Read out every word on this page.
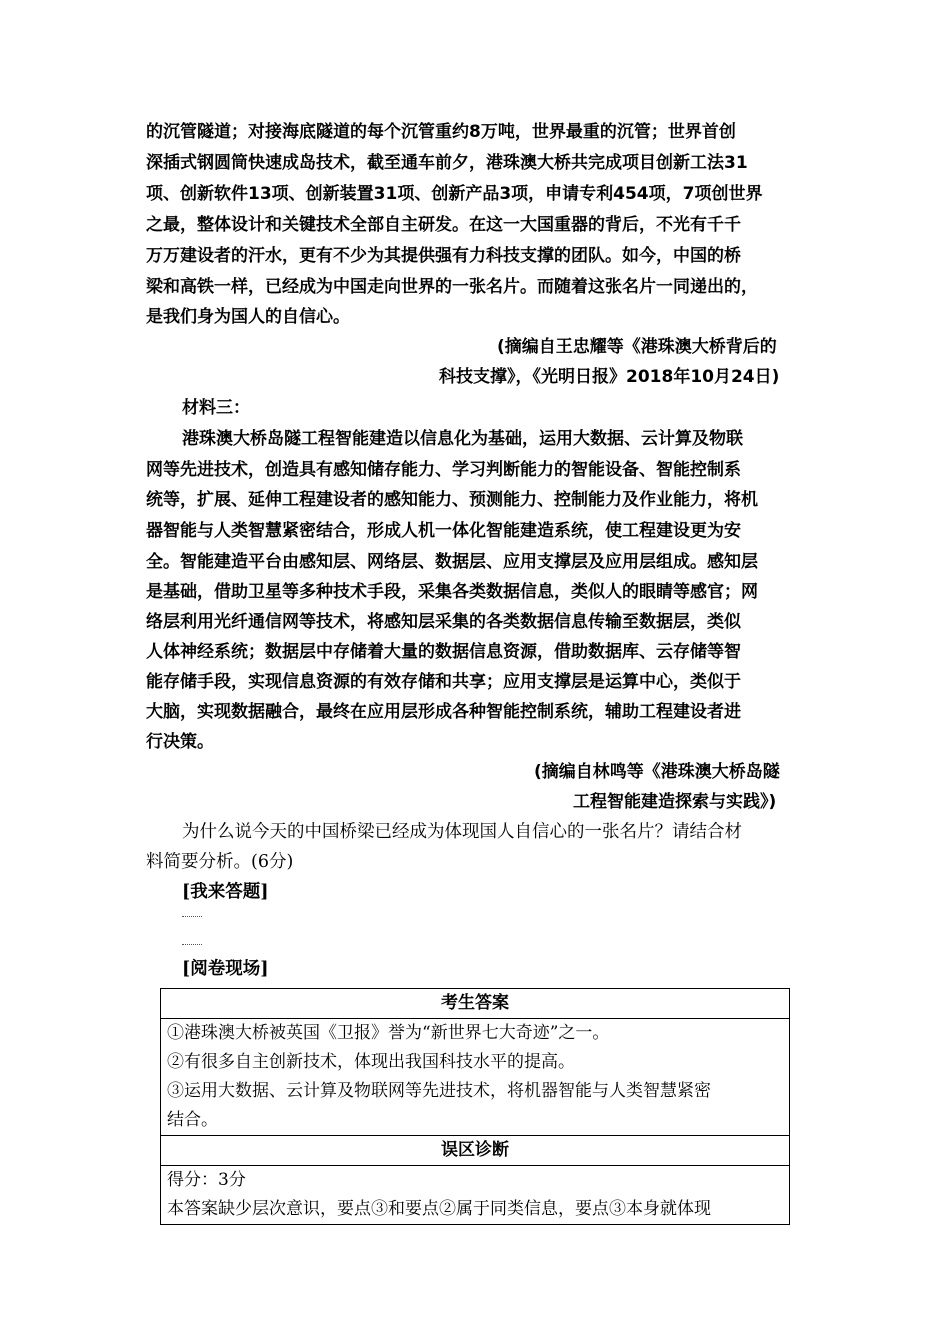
的沉管隧道；对接海底隧道的每个沉管重约8万吨，世界最重的沉管；世界首创
深插式钢圆筒快速成岛技术，截至通车前夕，港珠澳大桥共完成项目创新工法31
项、创新软件13项、创新装置31项、创新产品3项，申请专利454项，7项创世界
之最，整体设计和关键技术全部自主研发。在这一大国重器的背后，不光有千千
万万建设者的汗水，更有不少为其提供强有力科技支撑的团队。如今，中国的桥
梁和高铁一样，已经成为中国走向世界的一张名片。而随着这张名片一同递出的，
是我们身为国人的自信心。
(摘编自王忠耀等《港珠澳大桥背后的
科技支撑》，《光明日报》2018年10月24日)
材料三：
港珠澳大桥岛隧工程智能建造以信息化为基础，运用大数据、云计算及物联
网等先进技术，创造具有感知储存能力、学习判断能力的智能设备、智能控制系
统等，扩展、延伸工程建设者的感知能力、预测能力、控制能力及作业能力，将机
器智能与人类智慧紧密结合，形成人机一体化智能建造系统，使工程建设更为安
全。智能建造平台由感知层、网络层、数据层、应用支撑层及应用层组成。感知层
是基础，借助卫星等多种技术手段，采集各类数据信息，类似人的眼睛等感官；网
络层利用光纤通信网等技术，将感知层采集的各类数据信息传输至数据层，类似
人体神经系统；数据层中存储着大量的数据信息资源，借助数据库、云存储等智
能存储手段，实现信息资源的有效存储和共享；应用支撑层是运算中心，类似于
大脑，实现数据融合，最终在应用层形成各种智能控制系统，辅助工程建设者进
行决策。
(摘编自林鸣等《港珠澳大桥岛隧
工程智能建造探索与实践》)
为什么说今天的中国桥梁已经成为体现国人自信心的一张名片？请结合材
料简要分析。(6分)
[我来答题]
[阅卷现场]
考生答案

①港珠澳大桥被英国《卫报》誉为“新世界七大奇迹”之一。
②有很多自主创新技术，体现出我国科技水平的提高。
③运用大数据、云计算及物联网等先进技术，将机器智能与人类智慧紧密
结合。

误区诊断

得分：3分
本答案缺少层次意识，要点③和要点②属于同类信息，要点③本身就体现
